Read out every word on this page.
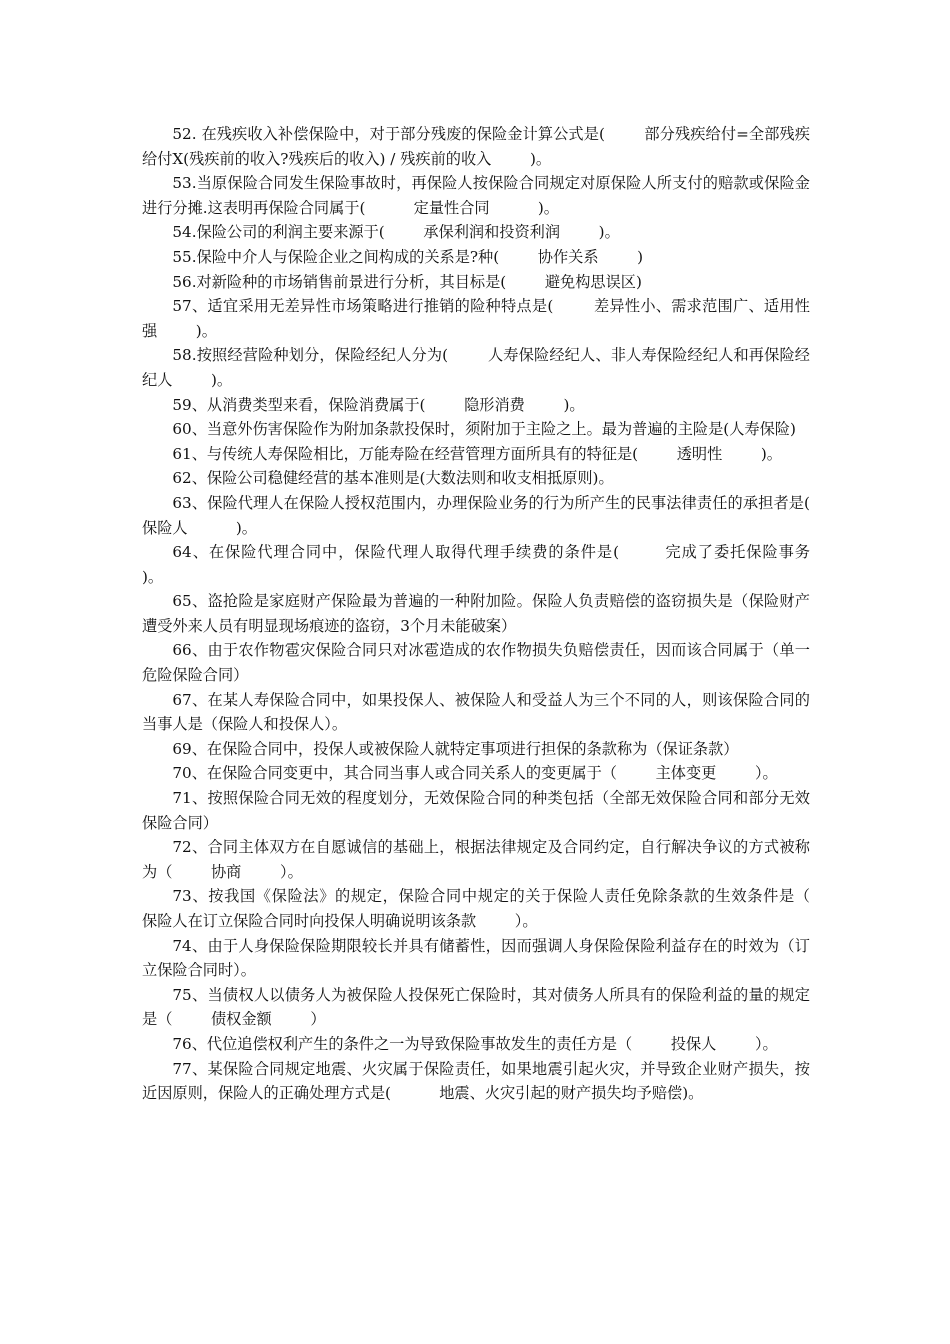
52. 在残疾收入补偿保险中，对于部分残废的保险金计算公式是(        部分残疾给付=全部残疾给付Ⅹ(残疾前的收入?残疾后的收入) / 残疾前的收入        )。

53.当原保险合同发生保险事故时，再保险人按保险合同规定对原保险人所支付的赔款或保险金进行分摊.这表明再保险合同属于(          定量性合同          )。

54.保险公司的利润主要来源于(        承保利润和投资利润        )。

55.保险中介人与保险企业之间构成的关系是?种(        协作关系        )

56.对新险种的市场销售前景进行分析，其目标是(        避免构思误区)

57、适宜采用无差异性市场策略进行推销的险种特点是(        差异性小、需求范围广、适用性强        )。

58.按照经营险种划分，保险经纪人分为(        人寿保险经纪人、非人寿保险经纪人和再保险经纪人        )。

59、从消费类型来看，保险消费属于(        隐形消费        )。

60、当意外伤害保险作为附加条款投保时，须附加于主险之上。最为普遍的主险是(人寿保险)

61、与传统人寿保险相比，万能寿险在经营管理方面所具有的特征是(        透明性        )。

62、保险公司稳健经营的基本准则是(大数法则和收支相抵原则)。

63、保险代理人在保险人授权范围内，办理保险业务的行为所产生的民事法律责任的承担者是(        保险人          )。

64、在保险代理合同中，保险代理人取得代理手续费的条件是(        完成了委托保险事务        )。

65、盗抢险是家庭财产保险最为普遍的一种附加险。保险人负责赔偿的盗窃损失是（保险财产遭受外来人员有明显现场痕迹的盗窃，3个月未能破案）

66、由于农作物雹灾保险合同只对冰雹造成的农作物损失负赔偿责任，因而该合同属于（单一危险保险合同）

67、在某人寿保险合同中，如果投保人、被保险人和受益人为三个不同的人，则该保险合同的当事人是（保险人和投保人）。

69、在保险合同中，投保人或被保险人就特定事项进行担保的条款称为（保证条款）

70、在保险合同变更中，其合同当事人或合同关系人的变更属于（        主体变更        ）。

71、按照保险合同无效的程度划分，无效保险合同的种类包括（全部无效保险合同和部分无效保险合同）

72、合同主体双方在自愿诚信的基础上，根据法律规定及合同约定，自行解决争议的方式被称为（        协商        ）。

73、按我国《保险法》的规定，保险合同中规定的关于保险人责任免除条款的生效条件是（        保险人在订立保险合同时向投保人明确说明该条款        ）。

74、由于人身保险保险期限较长并具有储蓄性，因而强调人身保险保险利益存在的时效为（订立保险合同时）。

75、当债权人以债务人为被保险人投保死亡保险时，其对债务人所具有的保险利益的量的规定是（        债权金额        ）

76、代位追偿权利产生的条件之一为导致保险事故发生的责任方是（        投保人        ）。

77、某保险合同规定地震、火灾属于保险责任，如果地震引起火灾，并导致企业财产损失，按近因原则，保险人的正确处理方式是(          地震、火灾引起的财产损失均予赔偿)。
